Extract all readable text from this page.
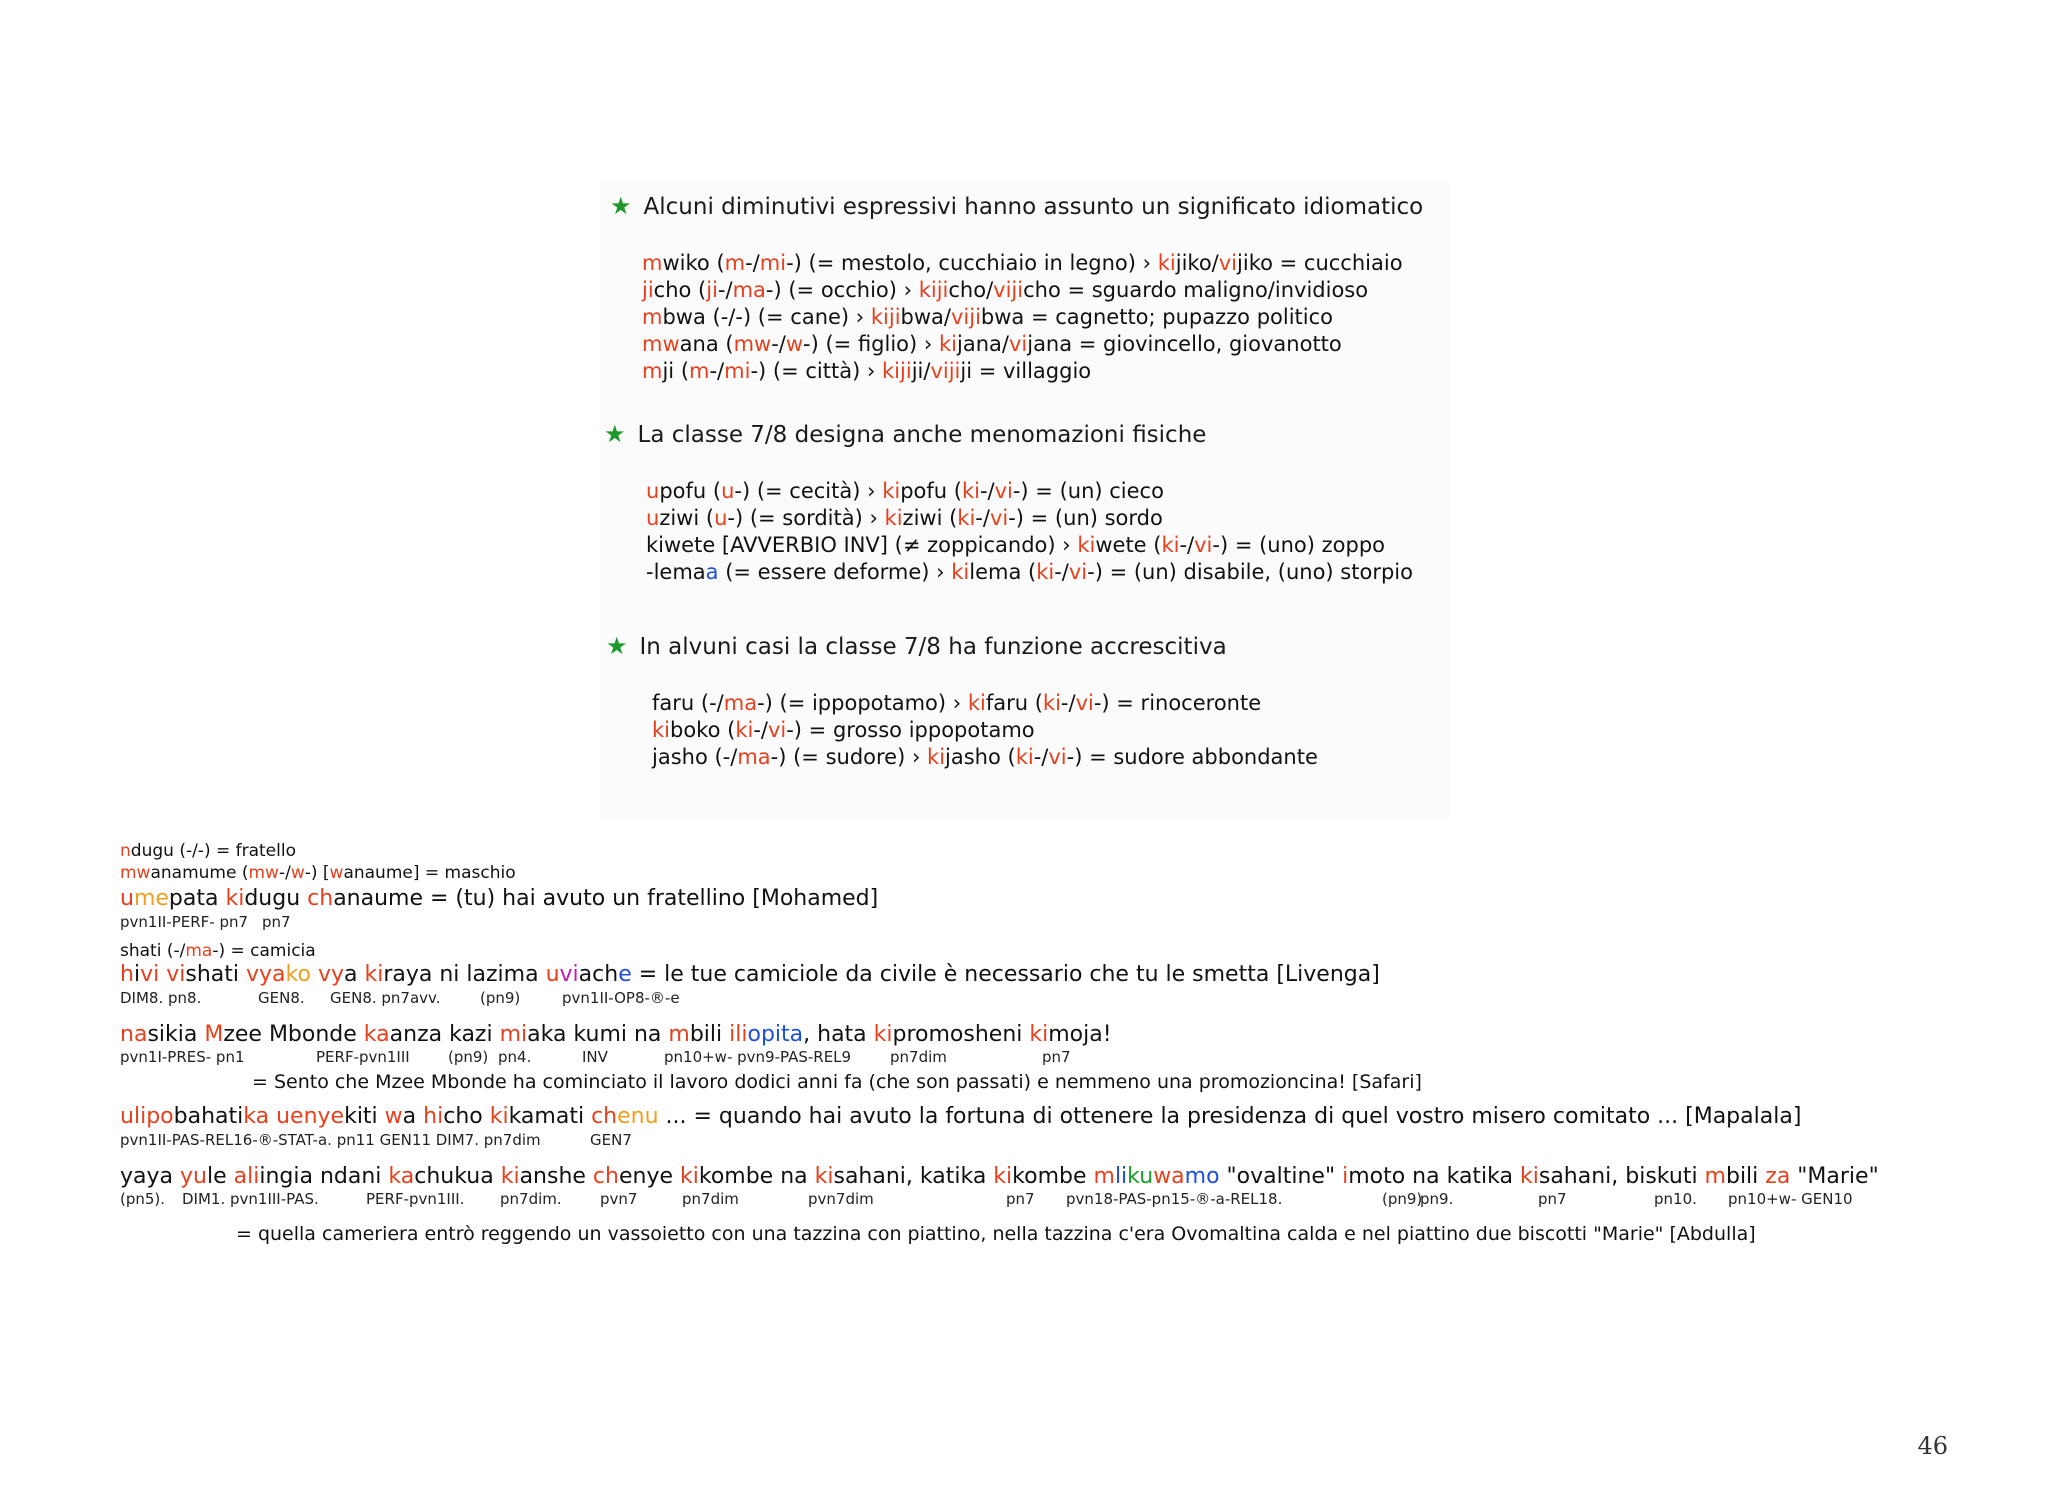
★ Alcuni diminutivi espressivi hanno assunto un significato idiomatico
mwiko (m-/mi-) (= mestolo, cucchiaio in legno) › kijiko/vijiko = cucchiaio
jicho (ji-/ma-) (= occhio) › kijicho/vijicho = sguardo maligno/invidioso
mbwa (-/-) (= cane) › kijibwa/vijibwa = cagnetto; pupazzo politico
mwana (mw-/w-) (= figlio) › kijana/vijana = giovincello, giovanotto
mji (m-/mi-) (= città) › kijiji/vijiji = villaggio
★ La classe 7/8 designa anche menomazioni fisiche
upofu (u-) (= cecità) › kipofu (ki-/vi-) = (un) cieco
uziwi (u-) (= sordità) › kiziwi (ki-/vi-) = (un) sordo
kiwete [AVVERBIO INV] (≠ zoppicando) › kiwete (ki-/vi-) = (uno) zoppo
-lemaa (= essere deforme) › kilema (ki-/vi-) = (un) disabile, (uno) storpio
★ In alvuni casi la classe 7/8 ha funzione accrescitiva
faru (-/ma-) (= ippopotamo) › kifaru (ki-/vi-) = rinoceronte
kiboko (ki-/vi-) = grosso ippopotamo
jasho (-/ma-) (= sudore) › kijasho (ki-/vi-) = sudore abbondante
ndugu (-/-) = fratello
mwanamume (mw-/w-) [wanaume] = maschio
umepata kidugu chanaume = (tu) hai avuto un fratellino [Mohamed]
pvn1II-PERF- pn7 pn7
shati (-/ma-) = camicia
hivi vishati vyako vya kiraya ni lazima uviache = le tue camiciole da civile è necessario che tu le smetta [Livenga]
DIM8. pn8.	GEN8. GEN8. pn7avv.	(pn9)	pvn1II-OP8-®-e
nasikia Mzee Mbonde kaanza kazi miaka kumi na mbili iliopita, hata kipromosheni kimoja!
pvn1I-PRES- pn1	PERF-pvn1III	(pn9) pn4.	INV	pn10+w- pvn9-PAS-REL9	pn7dim	pn7
= Sento che Mzee Mbonde ha cominciato il lavoro dodici anni fa (che son passati) e nemmeno una promozioncina! [Safari]
ulipobahatika uenyekiti wa hicho kikamati chenu ... = quando hai avuto la fortuna di ottenere la presidenza di quel vostro misero comitato ... [Mapalala]
pvn1II-PAS-REL16-®-STAT-a. pn11 GEN11 DIM7. pn7dim	GEN7
yaya yule aliingia ndani kachukua kianshe chenye kikombe na kisahani, katika kikombe mlikuwamo "ovaltine" imoto na katika kisahani, biskuti mbili za "Marie"
(pn5). DIM1. pvn1III-PAS.	PERF-pvn1III. pn7dim.	pvn7	pn7dim	pvn7dim	pn7 pvn18-PAS-pn15-®-a-REL18.	(pn9)
pn9.	pn7	pn10. pn10+w- GEN10
= quella cameriera entrò reggendo un vassoietto con una tazzina con piattino, nella tazzina c'era Ovomaltina calda e nel piattino due biscotti "Marie" [Abdulla]
46
